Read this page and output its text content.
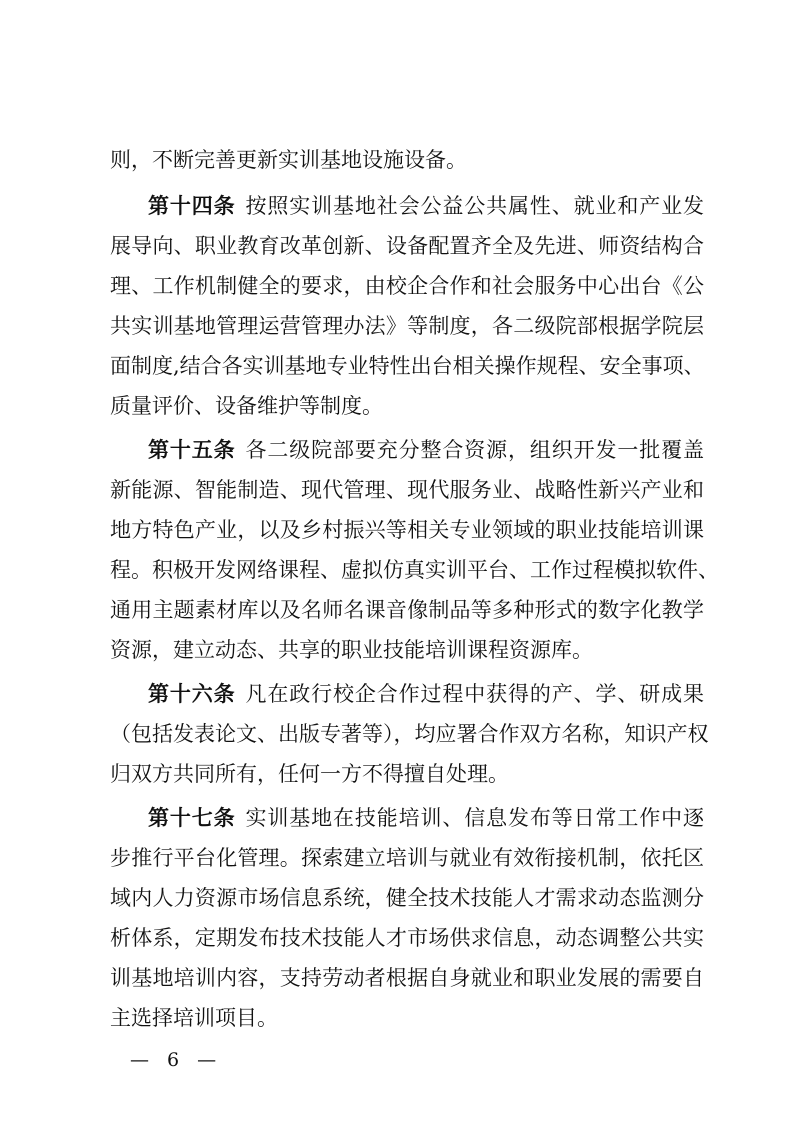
则，不断完善更新实训基地设施设备。
第十四条 按照实训基地社会公益公共属性、就业和产业发
展导向、职业教育改革创新、设备配置齐全及先进、师资结构合
理、工作机制健全的要求，由校企合作和社会服务中心出台《公
共实训基地管理运营管理办法》等制度，各二级院部根据学院层
面制度,结合各实训基地专业特性出台相关操作规程、安全事项、
质量评价、设备维护等制度。
第十五条 各二级院部要充分整合资源，组织开发一批覆盖
新能源、智能制造、现代管理、现代服务业、战略性新兴产业和
地方特色产业，以及乡村振兴等相关专业领域的职业技能培训课
程。积极开发网络课程、虚拟仿真实训平台、工作过程模拟软件、
通用主题素材库以及名师名课音像制品等多种形式的数字化教学
资源，建立动态、共享的职业技能培训课程资源库。
第十六条 凡在政行校企合作过程中获得的产、学、研成果
（包括发表论文、出版专著等），均应署合作双方名称，知识产权
归双方共同所有，任何一方不得擅自处理。
第十七条 实训基地在技能培训、信息发布等日常工作中逐
步推行平台化管理。探索建立培训与就业有效衔接机制，依托区
域内人力资源市场信息系统，健全技术技能人才需求动态监测分
析体系，定期发布技术技能人才市场供求信息，动态调整公共实
训基地培训内容，支持劳动者根据自身就业和职业发展的需要自
主选择培训项目。
— 6 —
